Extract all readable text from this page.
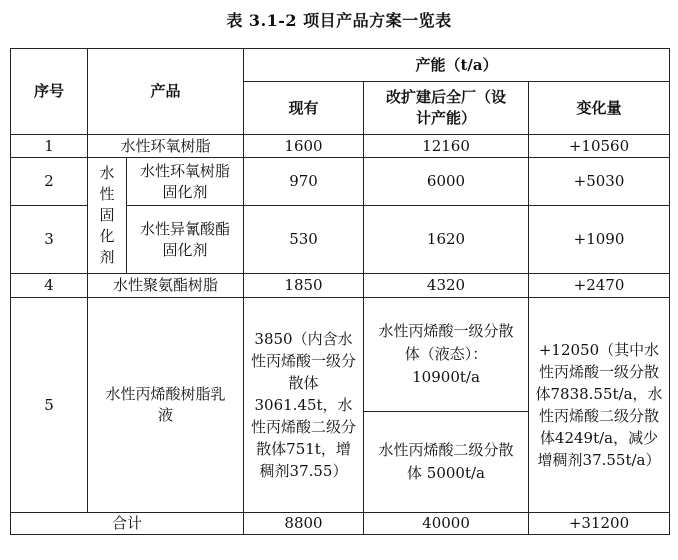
表 3.1-2 项目产品方案一览表
序号	产品		产能（t/a）		
			现有	改扩建后全厂（设计产能）	变化量
1	水性环氧树脂		1600	12160	+10560
2	水性固化剂	水性环氧树脂固化剂	970	6000	+5030
3		水性异氰酸酯固化剂	530	1620	+1090
4	水性聚氨酯树脂		1850	4320	+2470
5	水性丙烯酸树脂乳液		3850（内含水性丙烯酸一级分散体3061.45t，水性丙烯酸二级分散体751t，增稠剂37.55）	水性丙烯酸一级分散体（液态）：10900t/a	+12050（其中水性丙烯酸一级分散体7838.55t/a，水性丙烯酸二级分散体4249t/a，减少增稠剂37.55t/a）
				水性丙烯酸二级分散体 5000t/a	
合计			8800	40000	+31200
